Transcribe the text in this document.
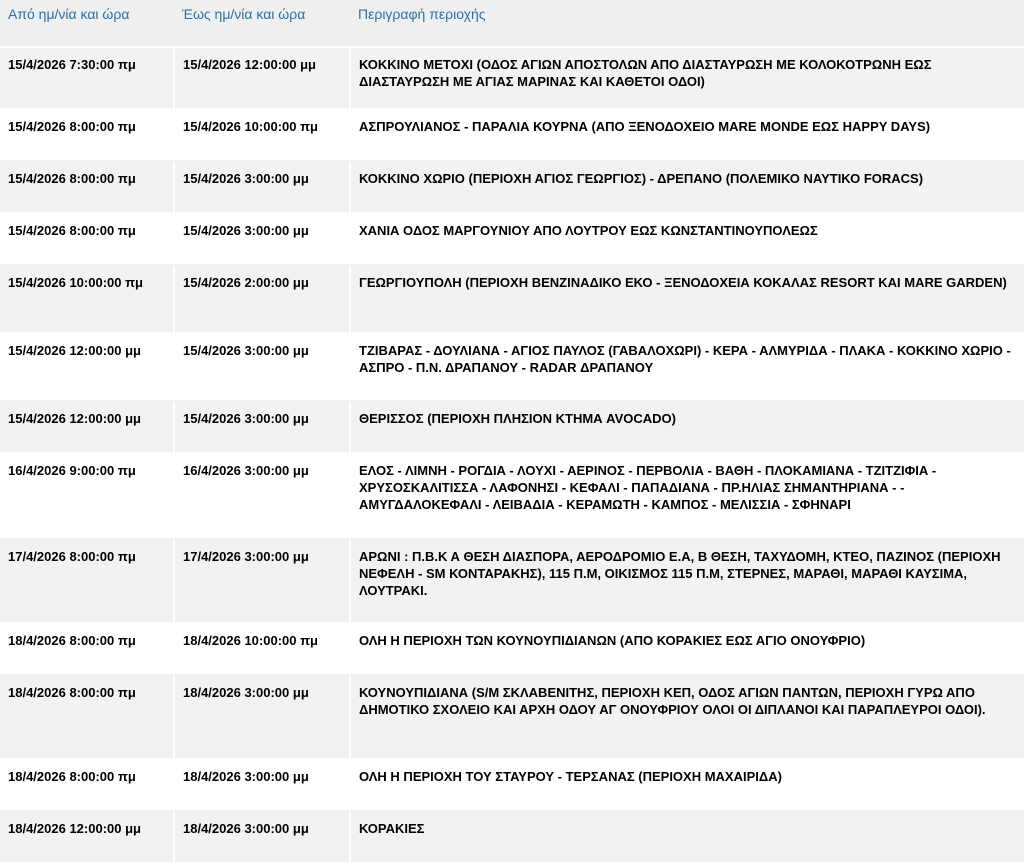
Από ημ/νία και ώρα	Έως ημ/νία και ώρα	Περιγραφή περιοχής
15/4/2026 7:30:00 πμ	15/4/2026 12:00:00 μμ	ΚΟΚΚΙΝΟ ΜΕΤΟΧΙ (ΟΔΟΣ ΑΓΙΩΝ ΑΠΟΣΤΟΛΩΝ ΑΠΟ ΔΙΑΣΤΑΥΡΩΣΗ ΜΕ ΚΟΛΟΚΟΤΡΩΝΗ ΕΩΣ ΔΙΑΣΤΑΥΡΩΣΗ ΜΕ ΑΓΙΑΣ ΜΑΡΙΝΑΣ ΚΑΙ ΚΑΘΕΤΟΙ ΟΔΟΙ)
15/4/2026 8:00:00 πμ	15/4/2026 10:00:00 πμ	ΑΣΠΡΟΥΛΙΑΝΟΣ - ΠΑΡΑΛΙΑ ΚΟΥΡΝΑ (ΑΠΟ ΞΕΝΟΔΟΧΕΙΟ MARE MONDE ΕΩΣ HAPPY DAYS)
15/4/2026 8:00:00 πμ	15/4/2026 3:00:00 μμ	ΚΟΚΚΙΝΟ ΧΩΡΙΟ (ΠΕΡΙΟΧΗ ΑΓΙΟΣ ΓΕΩΡΓΙΟΣ) - ΔΡΕΠΑΝΟ (ΠΟΛΕΜΙΚΟ ΝΑΥΤΙΚΟ FORACS)
15/4/2026 8:00:00 πμ	15/4/2026 3:00:00 μμ	ΧΑΝΙΑ ΟΔΟΣ ΜΑΡΓΟΥΝΙΟΥ ΑΠΟ ΛΟΥΤΡΟΥ ΕΩΣ ΚΩΝΣΤΑΝΤΙΝΟΥΠΟΛΕΩΣ
15/4/2026 10:00:00 πμ	15/4/2026 2:00:00 μμ	ΓΕΩΡΓΙΟΥΠΟΛΗ (ΠΕΡΙΟΧΗ ΒΕΝΖΙΝΑΔΙΚΟ ΕΚΟ - ΞΕΝΟΔΟΧΕΙΑ ΚΟΚΑΛΑΣ RESORT ΚΑΙ MARE GARDEN)
15/4/2026 12:00:00 μμ	15/4/2026 3:00:00 μμ	ΤΖΙΒΑΡΑΣ - ΔΟΥΛΙΑΝΑ - ΑΓΙΟΣ ΠΑΥΛΟΣ (ΓΑΒΑΛΟΧΩΡΙ) - ΚΕΡΑ - ΑΛΜΥΡΙΔΑ - ΠΛΑΚΑ - ΚΟΚΚΙΝΟ ΧΩΡΙΟ - ΑΣΠΡΟ - Π.Ν. ΔΡΑΠΑΝΟΥ - RADAR ΔΡΑΠΑΝΟΥ
15/4/2026 12:00:00 μμ	15/4/2026 3:00:00 μμ	ΘΕΡΙΣΣΟΣ (ΠΕΡΙΟΧΗ ΠΛΗΣΙΟΝ ΚΤΗΜΑ AVOCADO)
16/4/2026 9:00:00 πμ	16/4/2026 3:00:00 μμ	ΕΛΟΣ - ΛΙΜΝΗ - ΡΟΓΔΙΑ - ΛΟΥΧΙ - ΑΕΡΙΝΟΣ - ΠΕΡΒΟΛΙΑ - ΒΑΘΗ - ΠΛΟΚΑΜΙΑΝΑ - ΤΖΙΤΖΙΦΙΑ - ΧΡΥΣΟΣΚΑΛΙΤΙΣΣΑ - ΛΑΦΟΝΗΣΙ - ΚΕΦΑΛΙ - ΠΑΠΑΔΙΑΝΑ - ΠΡ.ΗΛΙΑΣ ΣΗΜΑΝΤΗΡΙΑΝΑ - - ΑΜΥΓΔΑΛΟΚΕΦΑΛΙ - ΛΕΙΒΑΔΙΑ - ΚΕΡΑΜΩΤΗ - ΚΑΜΠΟΣ - ΜΕΛΙΣΣΙΑ - ΣΦΗΝΑΡΙ
17/4/2026 8:00:00 πμ	17/4/2026 3:00:00 μμ	ΑΡΩΝΙ : Π.Β.Κ Α ΘΕΣΗ ΔΙΑΣΠΟΡΑ, ΑΕΡΟΔΡΟΜΙΟ Ε.Α, Β ΘΕΣΗ, ΤΑΧΥΔΟΜΗ, ΚΤΕΟ, ΠΑΖΙΝΟΣ (ΠΕΡΙΟΧΗ ΝΕΦΕΛΗ - SM ΚΟΝΤΑΡΑΚΗΣ), 115 Π.Μ, ΟΙΚΙΣΜΟΣ 115 Π.Μ, ΣΤΕΡΝΕΣ, ΜΑΡΑΘΙ, ΜΑΡΑΘΙ ΚΑΥΣΙΜΑ, ΛΟΥΤΡΑΚΙ.
18/4/2026 8:00:00 πμ	18/4/2026 10:00:00 πμ	ΟΛΗ Η ΠΕΡΙΟΧΗ ΤΩΝ ΚΟΥΝΟΥΠΙΔΙΑΝΩΝ (ΑΠΟ ΚΟΡΑΚΙΕΣ ΕΩΣ ΑΓΙΟ ΟΝΟΥΦΡΙΟ)
18/4/2026 8:00:00 πμ	18/4/2026 3:00:00 μμ	ΚΟΥΝΟΥΠΙΔΙΑΝΑ (S/M ΣΚΛΑΒΕΝΙΤΗΣ, ΠΕΡΙΟΧΗ ΚΕΠ, ΟΔΟΣ ΑΓΙΩΝ ΠΑΝΤΩΝ, ΠΕΡΙΟΧΗ ΓΥΡΩ ΑΠΟ ΔΗΜΟΤΙΚΟ ΣΧΟΛΕΙΟ ΚΑΙ ΑΡΧΗ ΟΔΟΥ ΑΓ ΟΝΟΥΦΡΙΟΥ ΟΛΟΙ ΟΙ ΔΙΠΛΑΝΟΙ ΚΑΙ ΠΑΡΑΠΛΕΥΡΟΙ ΟΔΟΙ).
18/4/2026 8:00:00 πμ	18/4/2026 3:00:00 μμ	ΟΛΗ Η ΠΕΡΙΟΧΗ ΤΟΥ ΣΤΑΥΡΟΥ - ΤΕΡΣΑΝΑΣ (ΠΕΡΙΟΧΗ ΜΑΧΑΙΡΙΔΑ)
18/4/2026 12:00:00 μμ	18/4/2026 3:00:00 μμ	ΚΟΡΑΚΙΕΣ
